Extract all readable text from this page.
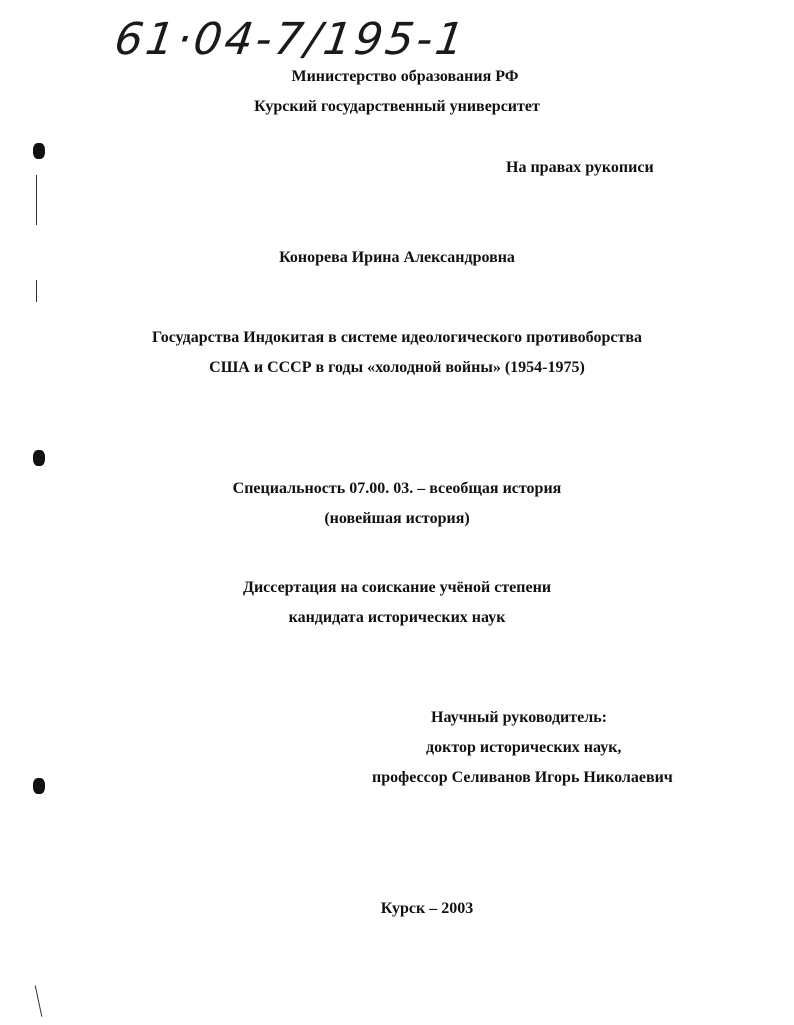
61·04-7/195-1
Министерство образования РФ
Курский государственный университет
На правах рукописи
Конорева Ирина Александровна
Государства Индокитая в системе идеологического противоборства
США и СССР в годы «холодной войны» (1954-1975)
Специальность 07.00. 03. – всеобщая история
(новейшая история)
Диссертация на соискание учёной степени
кандидата исторических наук
Научный руководитель:
доктор исторических наук,
профессор Селиванов Игорь Николаевич
Курск – 2003
